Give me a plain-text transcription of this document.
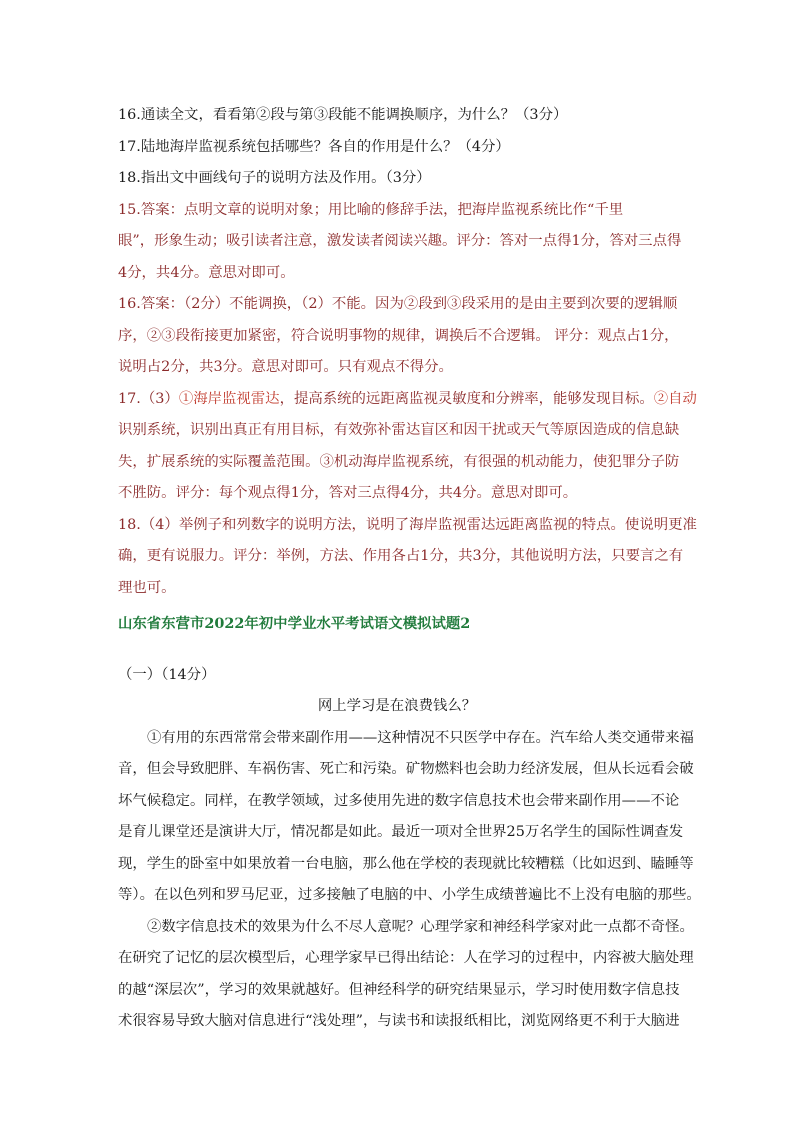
16.通读全文，看看第②段与第③段能不能调换顺序，为什么？（3分）
17.陆地海岸监视系统包括哪些？各自的作用是什么？（4分）
18.指出文中画线句子的说明方法及作用。（3分）
15.答案：点明文章的说明对象；用比喻的修辞手法，把海岸监视系统比作“千里
眼”，形象生动；吸引读者注意，激发读者阅读兴趣。评分：答对一点得1分，答对三点得
4分，共4分。意思对即可。
16.答案：（2分）不能调换，（2）不能。因为②段到③段采用的是由主要到次要的逻辑顺
序，②③段衔接更加紧密，符合说明事物的规律，调换后不合逻辑。 评分：观点占1分，
说明占2分，共3分。意思对即可。只有观点不得分。
17.（3）①海岸监视雷达，提高系统的远距离监视灵敏度和分辨率，能够发现目标。②自动
识别系统，识别出真正有用目标，有效弥补雷达盲区和因干扰或天气等原因造成的信息缺
失，扩展系统的实际覆盖范围。③机动海岸监视系统，有很强的机动能力，使犯罪分子防
不胜防。评分：每个观点得1分，答对三点得4分，共4分。意思对即可。
18.（4）举例子和列数字的说明方法，说明了海岸监视雷达远距离监视的特点。使说明更准
确，更有说服力。评分：举例，方法、作用各占1分，共3分，其他说明方法，只要言之有
理也可。
山东省东营市2022年初中学业水平考试语文模拟试题2
（一）（14分）
网上学习是在浪费钱么？
①有用的东西常常会带来副作用——这种情况不只医学中存在。汽车给人类交通带来福
音，但会导致肥胖、车祸伤害、死亡和污染。矿物燃料也会助力经济发展，但从长远看会破
坏气候稳定。同样，在教学领域，过多使用先进的数字信息技术也会带来副作用——不论
是育儿课堂还是演讲大厅，情况都是如此。最近一项对全世界25万名学生的国际性调查发
现，学生的卧室中如果放着一台电脑，那么他在学校的表现就比较糟糕（比如迟到、瞌睡等
等）。在以色列和罗马尼亚，过多接触了电脑的中、小学生成绩普遍比不上没有电脑的那些。
②数字信息技术的效果为什么不尽人意呢？心理学家和神经科学家对此一点都不奇怪。
在研究了记忆的层次模型后，心理学家早已得出结论：人在学习的过程中，内容被大脑处理
的越“深层次”，学习的效果就越好。但神经科学的研究结果显示，学习时使用数字信息技
术很容易导致大脑对信息进行“浅处理”，与读书和读报纸相比，浏览网络更不利于大脑进
